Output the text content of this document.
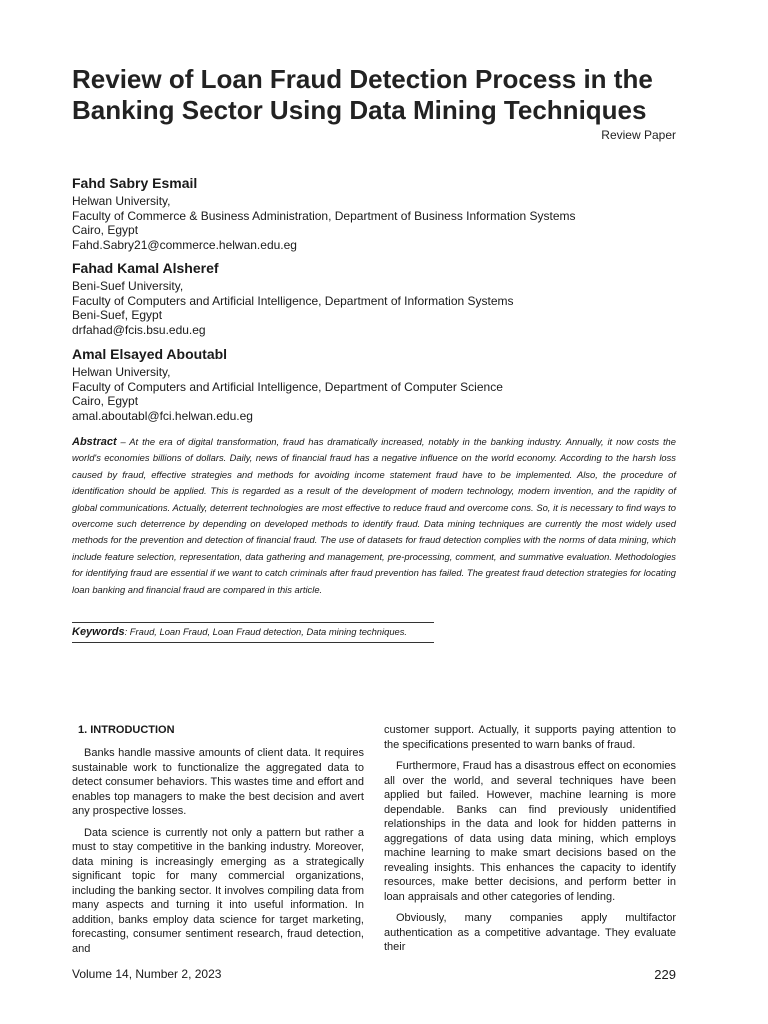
Review of Loan Fraud Detection Process in the Banking Sector Using Data Mining Techniques
Review Paper
Fahd Sabry Esmail
Helwan University,
Faculty of Commerce & Business Administration, Department of Business Information Systems
Cairo, Egypt
Fahd.Sabry21@commerce.helwan.edu.eg
Fahad Kamal Alsheref
Beni-Suef University,
Faculty of Computers and Artificial Intelligence, Department of Information Systems
Beni-Suef, Egypt
drfahad@fcis.bsu.edu.eg
Amal Elsayed Aboutabl
Helwan University,
Faculty of Computers and Artificial Intelligence, Department of Computer Science
Cairo, Egypt
amal.aboutabl@fci.helwan.edu.eg
Abstract – At the era of digital transformation, fraud has dramatically increased, notably in the banking industry. Annually, it now costs the world's economies billions of dollars. Daily, news of financial fraud has a negative influence on the world economy. According to the harsh loss caused by fraud, effective strategies and methods for avoiding income statement fraud have to be implemented. Also, the procedure of identification should be applied. This is regarded as a result of the development of modern technology, modern invention, and the rapidity of global communications. Actually, deterrent technologies are most effective to reduce fraud and overcome cons. So, it is necessary to find ways to overcome such deterrence by depending on developed methods to identify fraud. Data mining techniques are currently the most widely used methods for the prevention and detection of financial fraud. The use of datasets for fraud detection complies with the norms of data mining, which include feature selection, representation, data gathering and management, pre-processing, comment, and summative evaluation. Methodologies for identifying fraud are essential if we want to catch criminals after fraud prevention has failed. The greatest fraud detection strategies for locating loan banking and financial fraud are compared in this article.
Keywords: Fraud, Loan Fraud, Loan Fraud detection, Data mining techniques.
1. INTRODUCTION

Banks handle massive amounts of client data. It requires sustainable work to functionalize the aggregated data to detect consumer behaviors. This wastes time and effort and enables top managers to make the best decision and avert any prospective losses.

Data science is currently not only a pattern but rather a must to stay competitive in the banking industry. Moreover, data mining is increasingly emerging as a strategically significant topic for many commercial organizations, including the banking sector. It involves compiling data from many aspects and turning it into useful information. In addition, banks employ data science for target marketing, forecasting, consumer sentiment research, fraud detection, and

customer support. Actually, it supports paying attention to the specifications presented to warn banks of fraud.

Furthermore, Fraud has a disastrous effect on economies all over the world, and several techniques have been applied but failed. However, machine learning is more dependable. Banks can find previously unidentified relationships in the data and look for hidden patterns in aggregations of data using data mining, which employs machine learning to make smart decisions based on the revealing insights. This enhances the capacity to identify resources, make better decisions, and perform better in loan appraisals and other categories of lending.

Obviously, many companies apply multifactor authentication as a competitive advantage. They evaluate their

Volume 14, Number 2, 2023	229
